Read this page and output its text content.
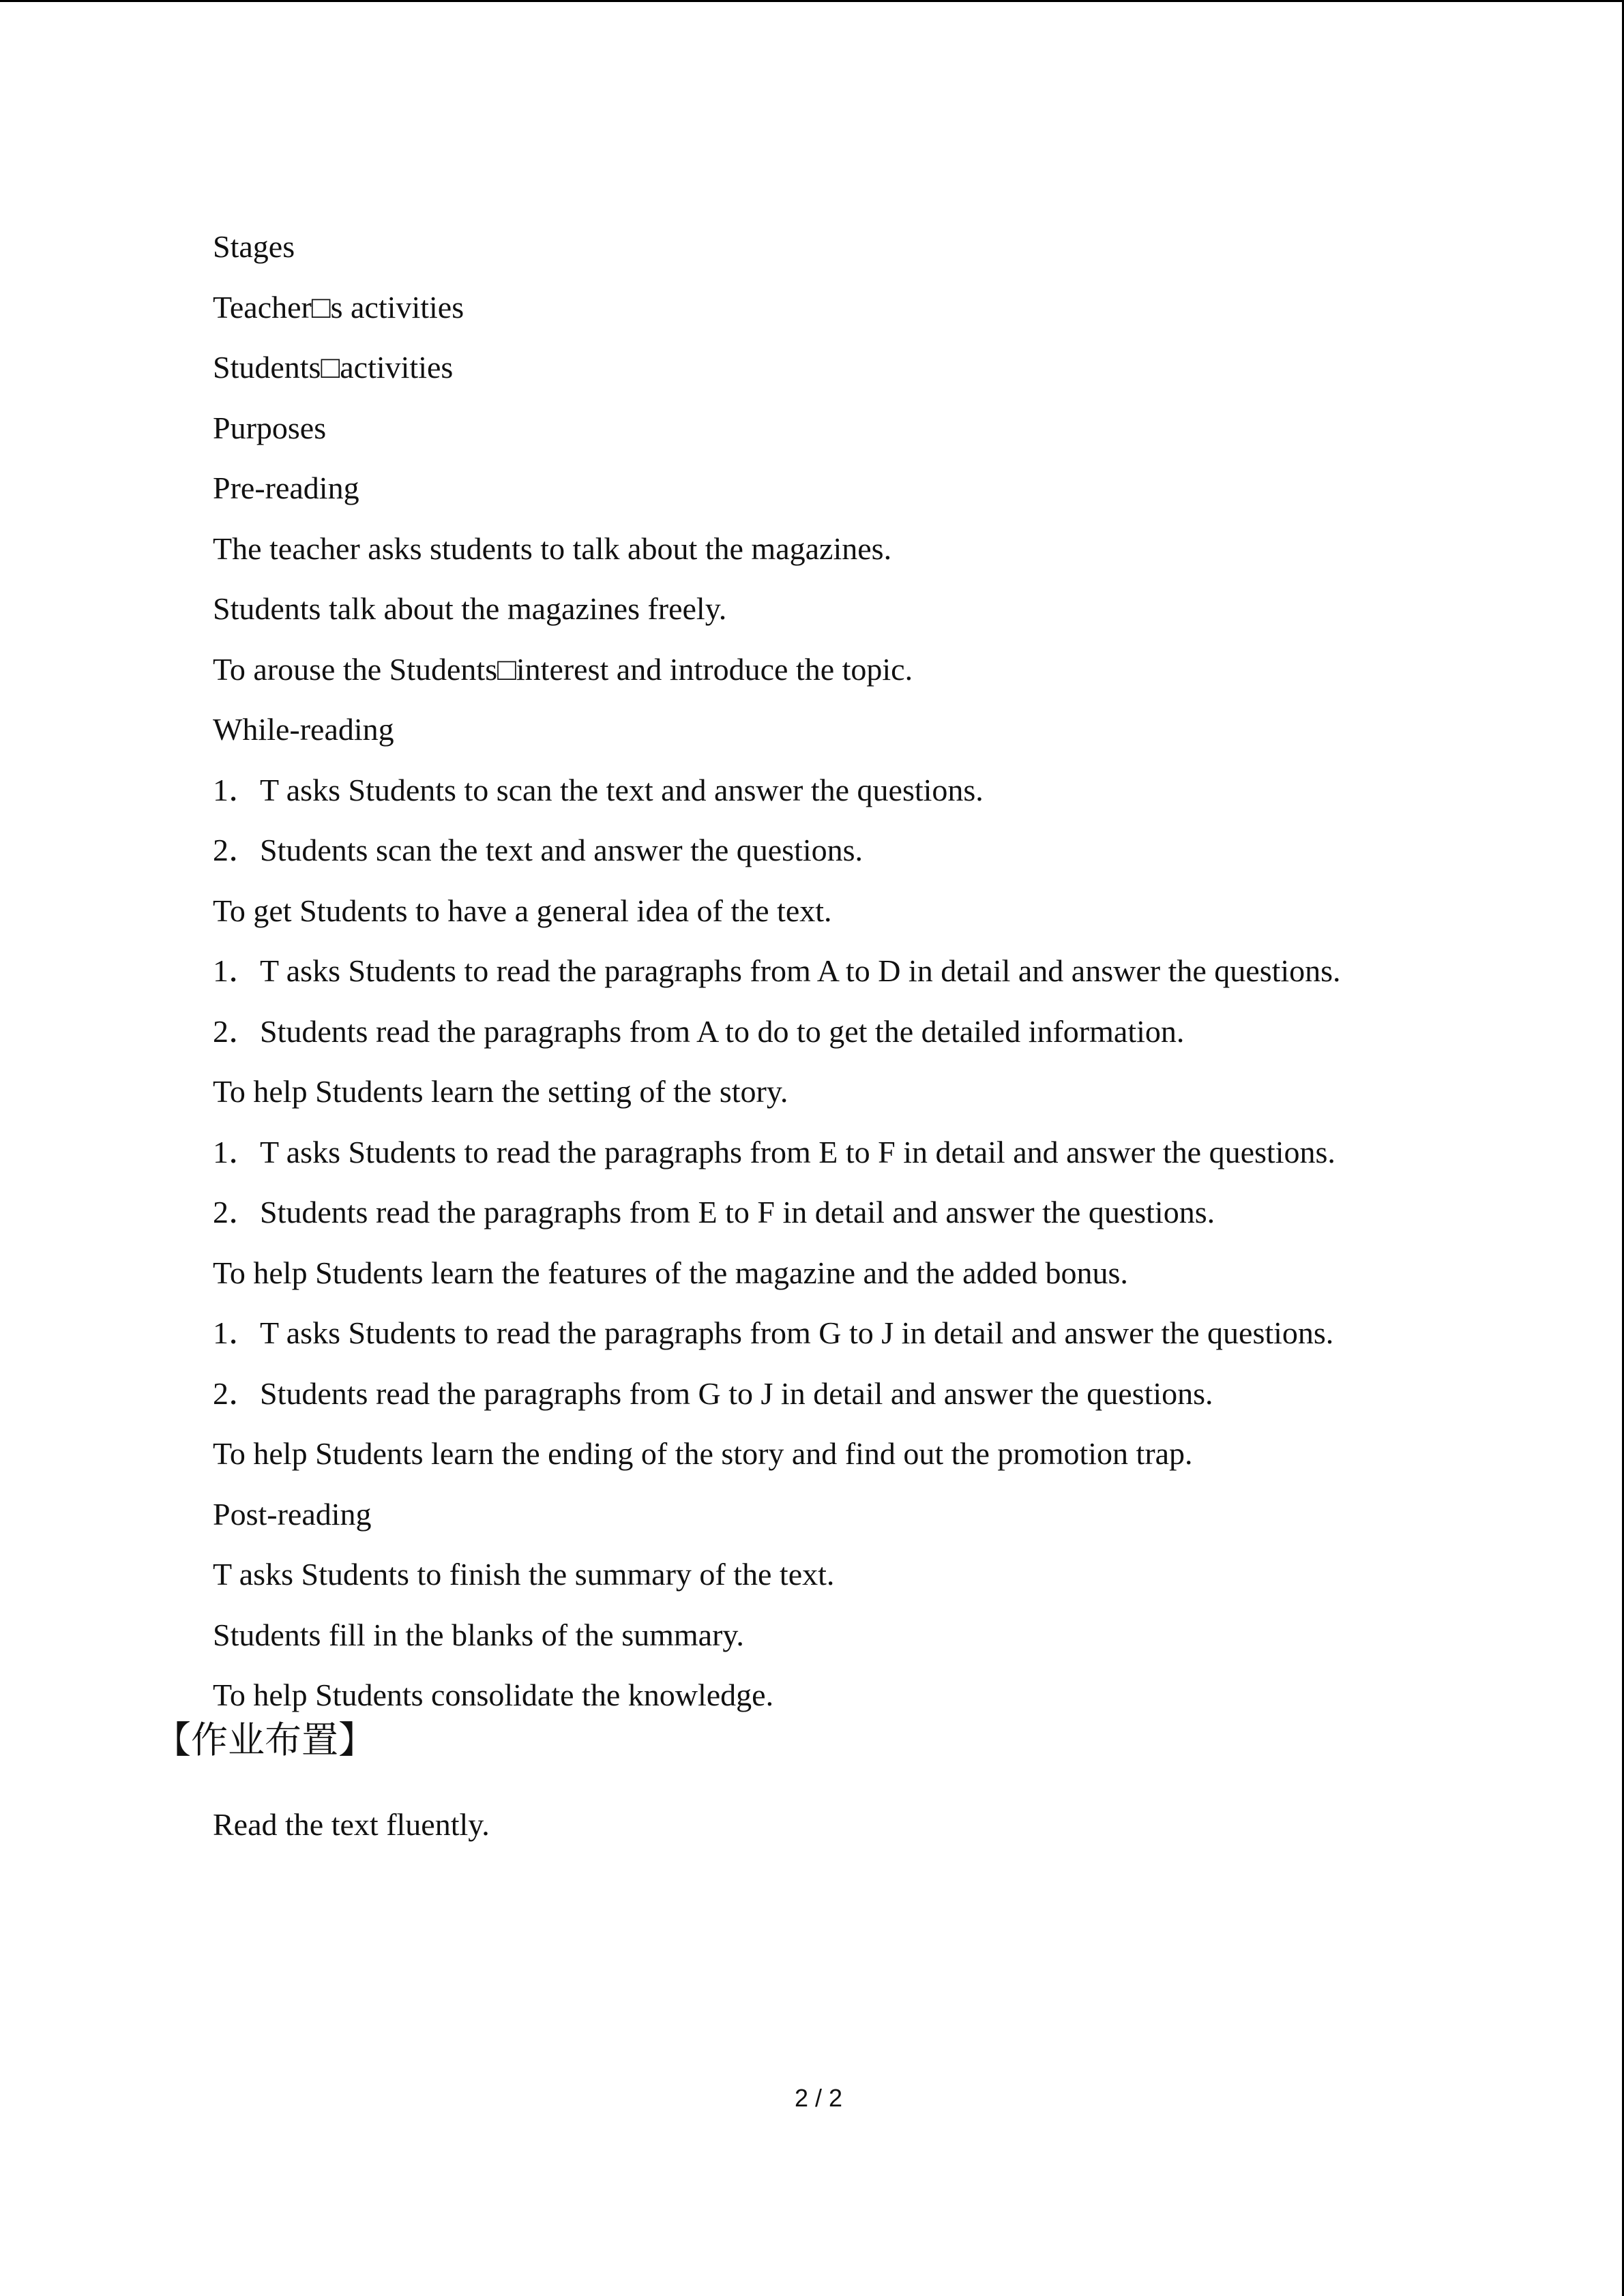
Stages
Teacher□s activities
Students□activities
Purposes
Pre-reading
The teacher asks students to talk about the magazines.
Students talk about the magazines freely.
To arouse the Students□interest and introduce the topic.
While-reading
1．T asks Students to scan the text and answer the questions.
2．Students scan the text and answer the questions.
To get Students to have a general idea of the text.
1．T asks Students to read the paragraphs from A to D in detail and answer the questions.
2．Students read the paragraphs from A to do to get the detailed information.
To help Students learn the setting of the story.
1．T asks Students to read the paragraphs from E to F in detail and answer the questions.
2．Students read the paragraphs from E to F in detail and answer the questions.
To help Students learn the features of the magazine and the added bonus.
1．T asks Students to read the paragraphs from G to J in detail and answer the questions.
2．Students read the paragraphs from G to J in detail and answer the questions.
To help Students learn the ending of the story and find out the promotion trap.
Post-reading
T asks Students to finish the summary of the text.
Students fill in the blanks of the summary.
To help Students consolidate the knowledge.
【作业布置】
Read the text fluently.
2 / 2
